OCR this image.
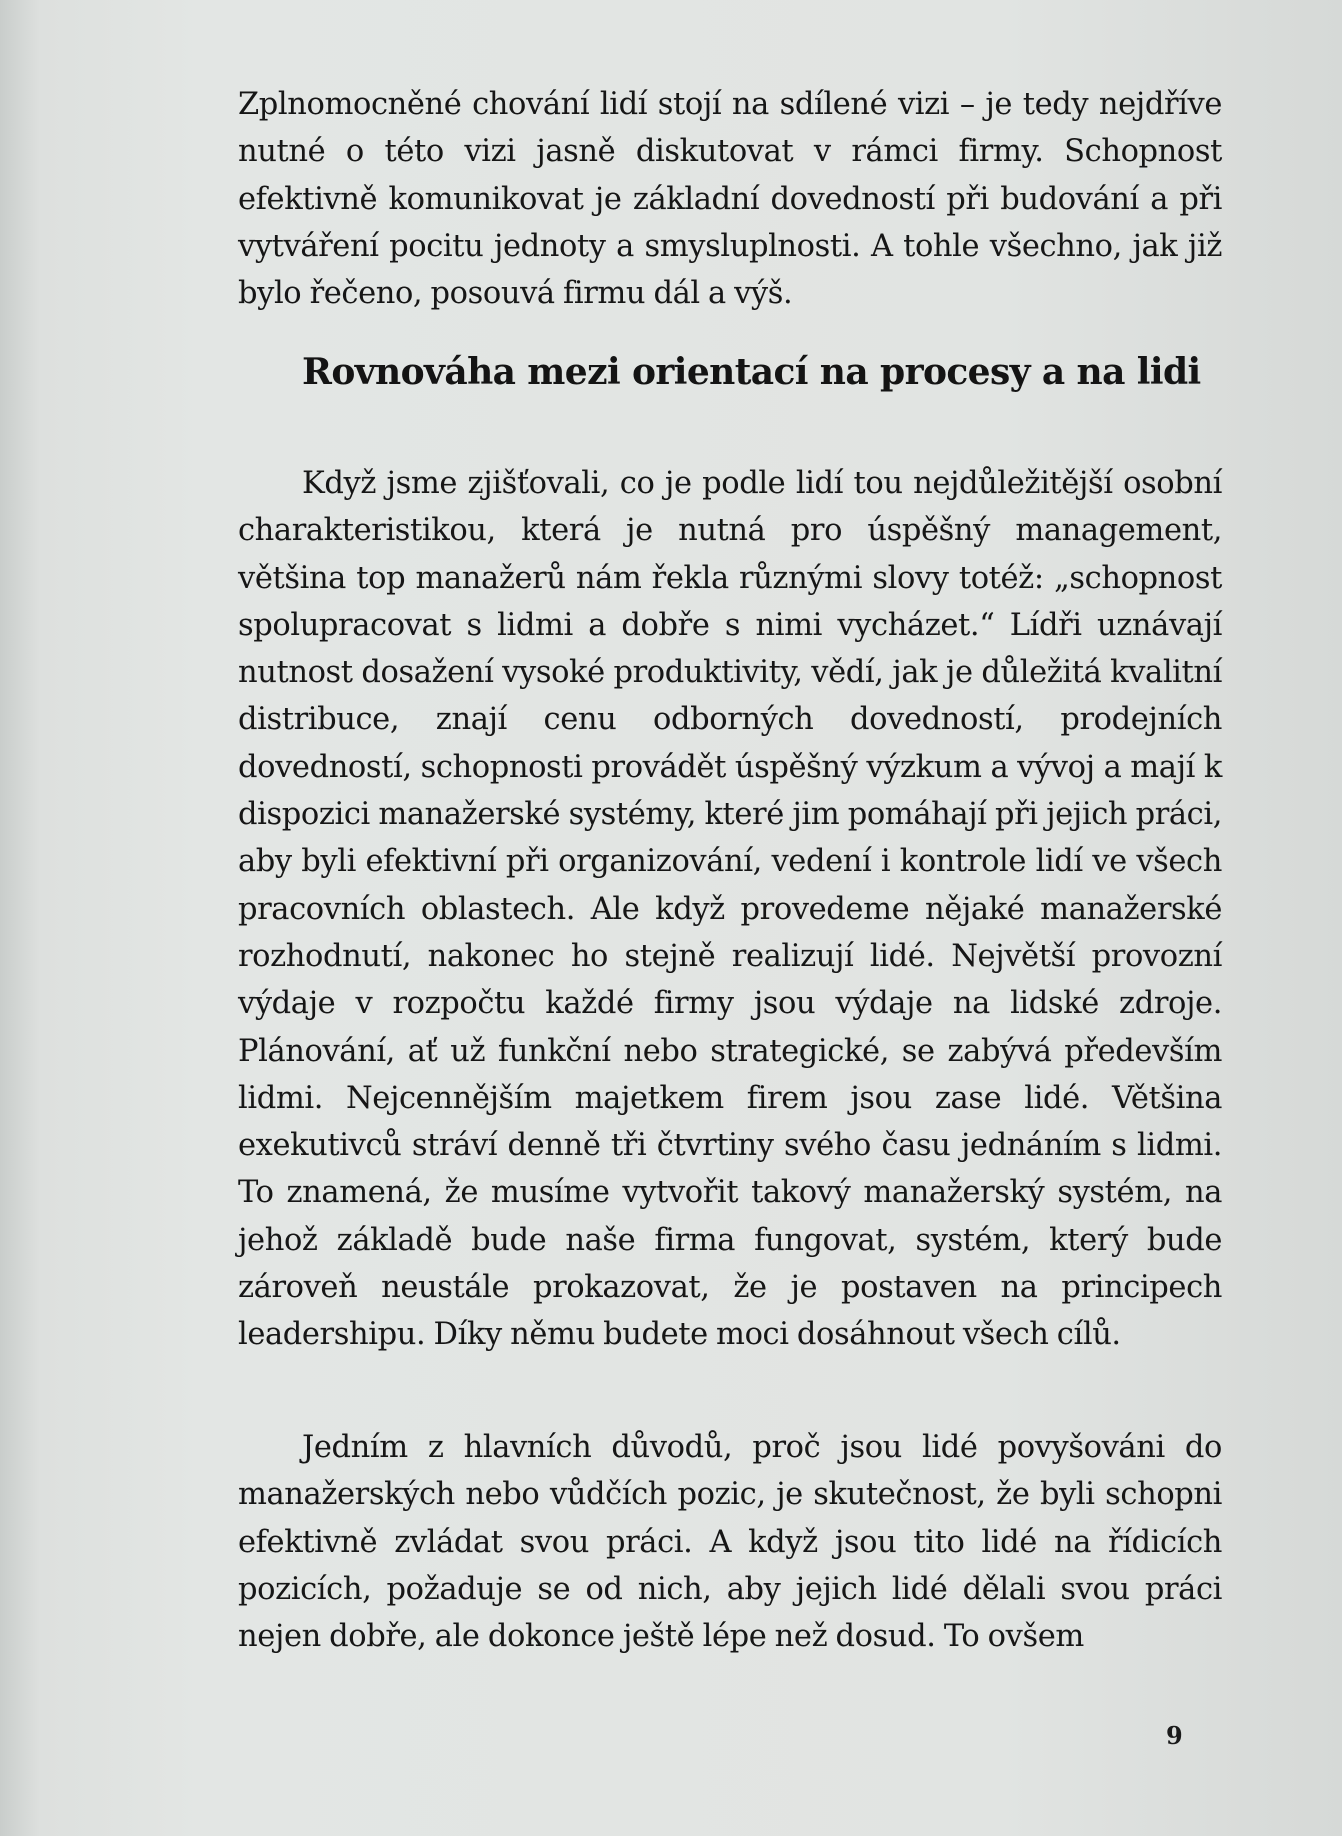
Zplnomocněné chování lidí stojí na sdílené vizi – je tedy nejdříve nutné o této vizi jasně diskutovat v rámci firmy. Schopnost efektivně komunikovat je základní dovedností při budování a při vytváření pocitu jednoty a smysluplnosti. A tohle všechno, jak již bylo řečeno, posouvá firmu dál a výš.

Rovnováha mezi orientací na procesy a na lidi

Když jsme zjišťovali, co je podle lidí tou nejdůležitější osobní charakteristikou, která je nutná pro úspěšný management, většina top manažerů nám řekla různými slovy totéž: „schopnost spolupracovat s lidmi a dobře s nimi vycházet.“ Lídři uznávají nutnost dosažení vysoké produktivity, vědí, jak je důležitá kvalitní distribuce, znají cenu odborných dovedností, prodejních dovedností, schopnosti provádět úspěšný výzkum a vývoj a mají k dispozici manažerské systémy, které jim pomáhají při jejich práci, aby byli efektivní při organizování, vedení i kontrole lidí ve všech pracovních oblastech. Ale když provedeme nějaké manažerské rozhodnutí, nakonec ho stejně realizují lidé. Největší provozní výdaje v rozpočtu každé firmy jsou výdaje na lidské zdroje. Plánování, ať už funkční nebo strategické, se zabývá především lidmi. Nejcennějším majetkem firem jsou zase lidé. Většina exekutivců stráví denně tři čtvrtiny svého času jednáním s lidmi. To znamená, že musíme vytvořit takový manažerský systém, na jehož základě bude naše firma fungovat, systém, který bude zároveň neustále prokazovat, že je postaven na principech leadershipu. Díky němu budete moci dosáhnout všech cílů.

Jedním z hlavních důvodů, proč jsou lidé povyšováni do manažerských nebo vůdčích pozic, je skutečnost, že byli schopni efektivně zvládat svou práci. A když jsou tito lidé na řídicích pozicích, požaduje se od nich, aby jejich lidé dělali svou práci nejen dobře, ale dokonce ještě lépe než dosud. To ovšem

9
